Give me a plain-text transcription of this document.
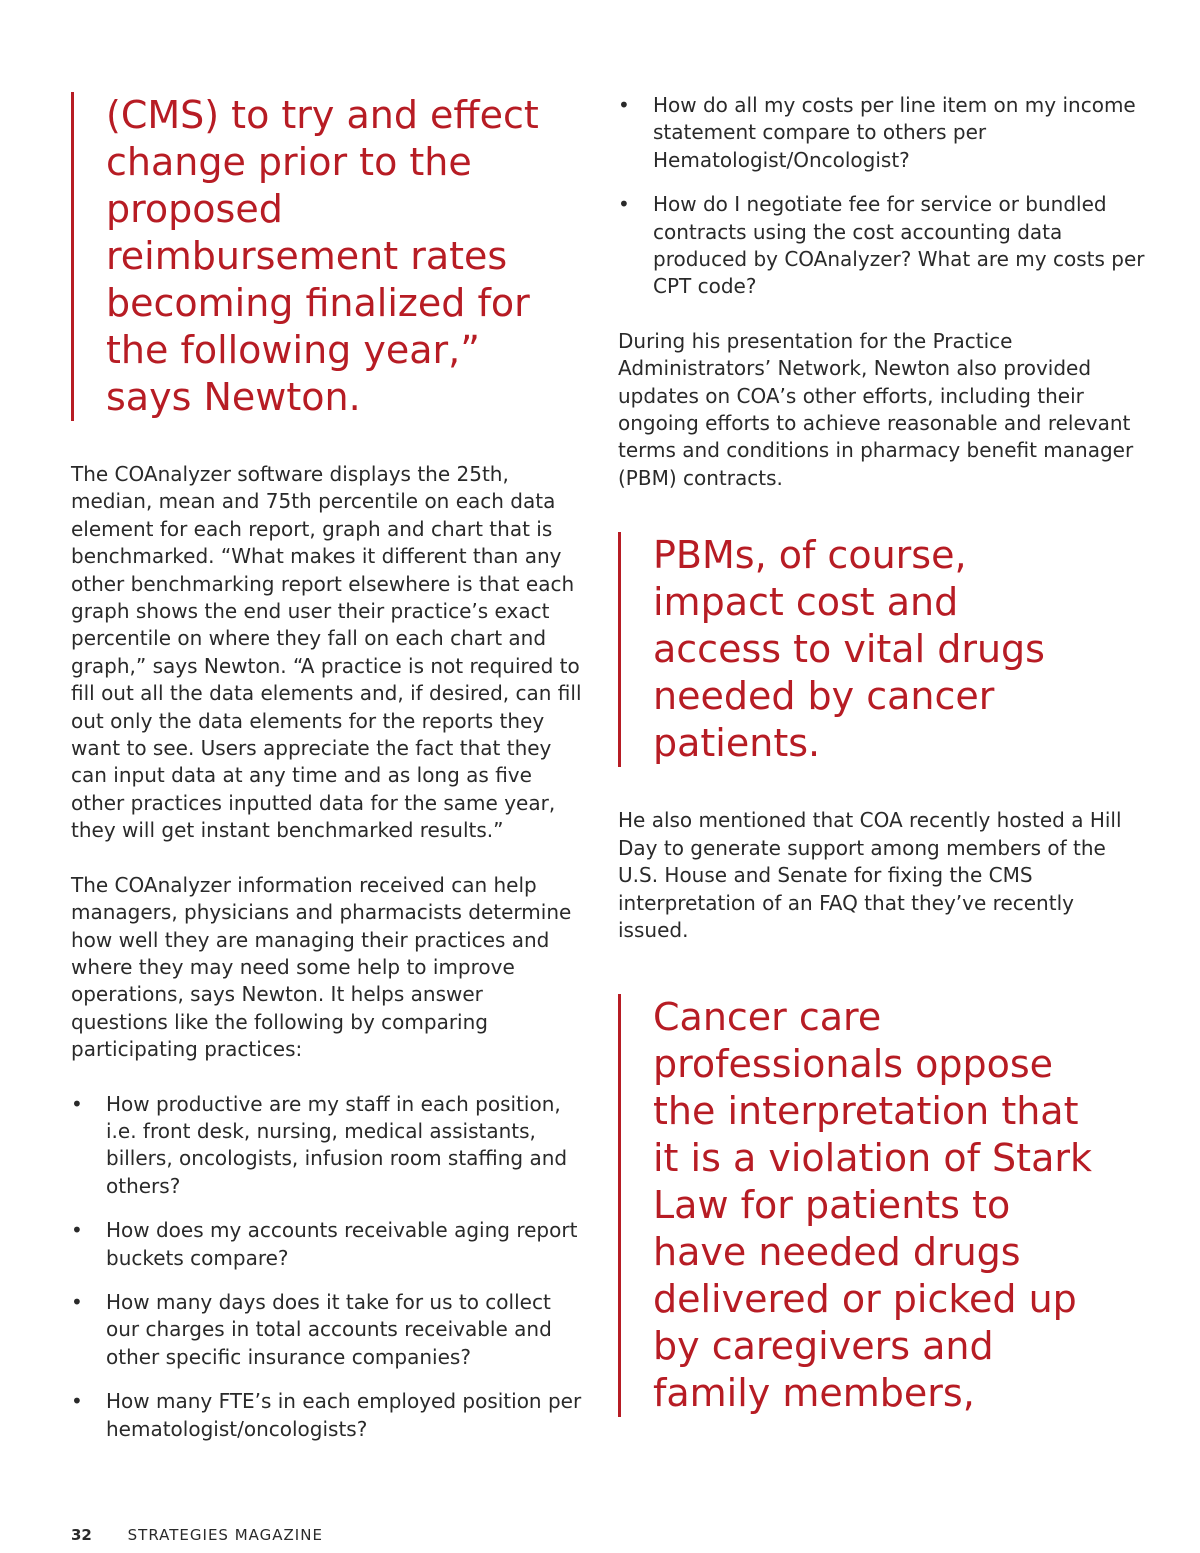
(CMS) to try and effect change prior to the proposed reimbursement rates becoming finalized for the following year,” says Newton.

The COAnalyzer software displays the 25th, median, mean and 75th percentile on each data element for each report, graph and chart that is benchmarked. “What makes it different than any other benchmarking report elsewhere is that each graph shows the end user their practice’s exact percentile on where they fall on each chart and graph,” says Newton. “A practice is not required to fill out all the data elements and, if desired, can fill out only the data elements for the reports they want to see. Users appreciate the fact that they can input data at any time and as long as five other practices inputted data for the same year, they will get instant benchmarked results.”

The COAnalyzer information received can help managers, physicians and pharmacists determine how well they are managing their practices and where they may need some help to improve operations, says Newton. It helps answer questions like the following by comparing participating practices:

• How productive are my staff in each position, i.e. front desk, nursing, medical assistants, billers, oncologists, infusion room staffing and others?
• How does my accounts receivable aging report buckets compare?
• How many days does it take for us to collect our charges in total accounts receivable and other specific insurance companies?
• How many FTE’s in each employed position per hematologist/oncologists?
• How do all my costs per line item on my income statement compare to others per Hematologist/Oncologist?
• How do I negotiate fee for service or bundled contracts using the cost accounting data produced by COAnalyzer? What are my costs per CPT code?

During his presentation for the Practice Administrators’ Network, Newton also provided updates on COA’s other efforts, including their ongoing efforts to achieve reasonable and relevant terms and conditions in pharmacy benefit manager (PBM) contracts.

PBMs, of course, impact cost and access to vital drugs needed by cancer patients.

He also mentioned that COA recently hosted a Hill Day to generate support among members of the U.S. House and Senate for fixing the CMS interpretation of an FAQ that they’ve recently issued.

Cancer care professionals oppose the interpretation that it is a violation of Stark Law for patients to have needed drugs delivered or picked up by caregivers and family members,

32 STRATEGIES MAGAZINE
